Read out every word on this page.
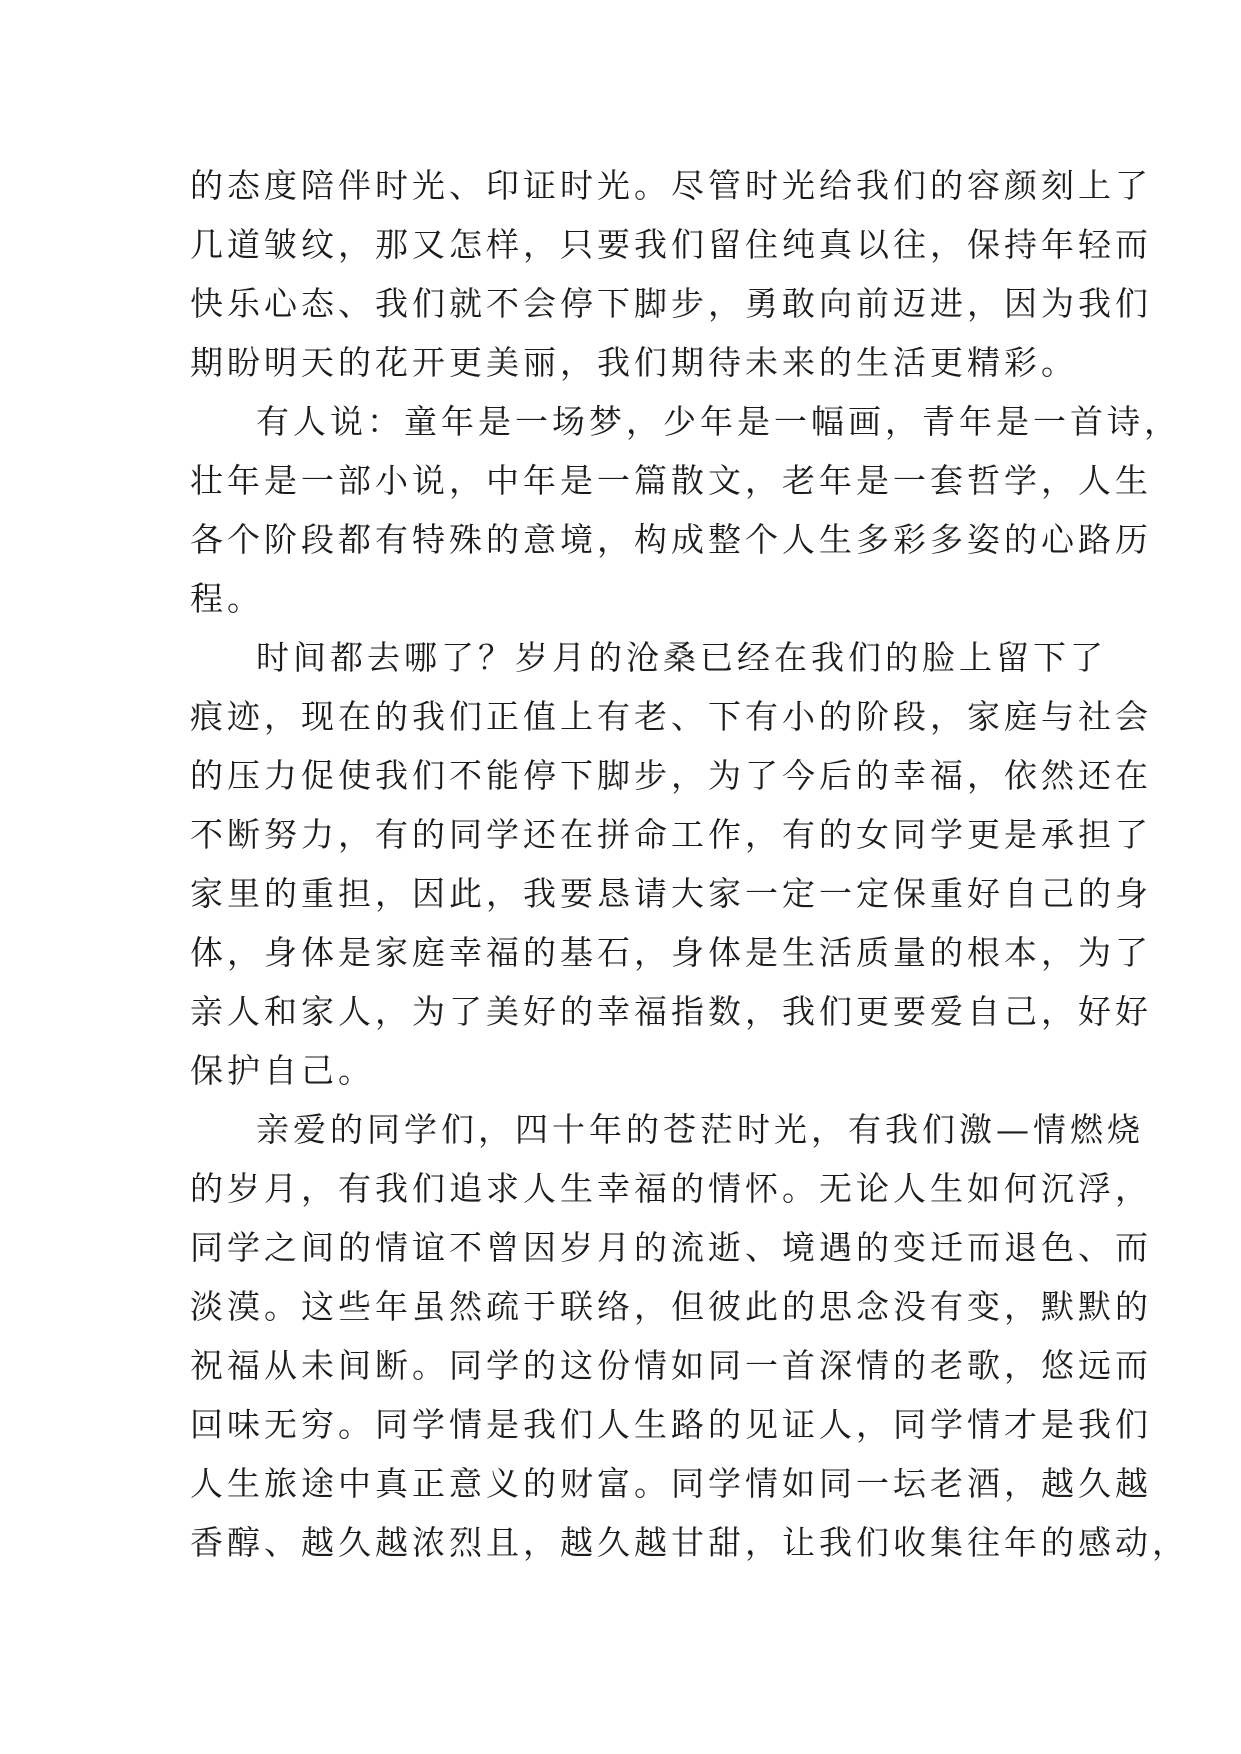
的态度陪伴时光、印证时光。尽管时光给我们的容颜刻上了
几道皱纹，那又怎样，只要我们留住纯真以往，保持年轻而
快乐心态、我们就不会停下脚步，勇敢向前迈进，因为我们
期盼明天的花开更美丽，我们期待未来的生活更精彩。
有人说：童年是一场梦，少年是一幅画，青年是一首诗，
壮年是一部小说，中年是一篇散文，老年是一套哲学，人生
各个阶段都有特殊的意境，构成整个人生多彩多姿的心路历
程。
时间都去哪了？岁月的沧桑已经在我们的脸上留下了
痕迹，现在的我们正值上有老、下有小的阶段，家庭与社会
的压力促使我们不能停下脚步，为了今后的幸福，依然还在
不断努力，有的同学还在拼命工作，有的女同学更是承担了
家里的重担，因此，我要恳请大家一定一定保重好自己的身
体，身体是家庭幸福的基石，身体是生活质量的根本，为了
亲人和家人，为了美好的幸福指数，我们更要爱自己，好好
保护自己。
亲爱的同学们，四十年的苍茫时光，有我们激—情燃烧
的岁月，有我们追求人生幸福的情怀。无论人生如何沉浮，
同学之间的情谊不曾因岁月的流逝、境遇的变迁而退色、而
淡漠。这些年虽然疏于联络，但彼此的思念没有变，默默的
祝福从未间断。同学的这份情如同一首深情的老歌，悠远而
回味无穷。同学情是我们人生路的见证人，同学情才是我们
人生旅途中真正意义的财富。同学情如同一坛老酒，越久越
香醇、越久越浓烈且，越久越甘甜，让我们收集往年的感动，
